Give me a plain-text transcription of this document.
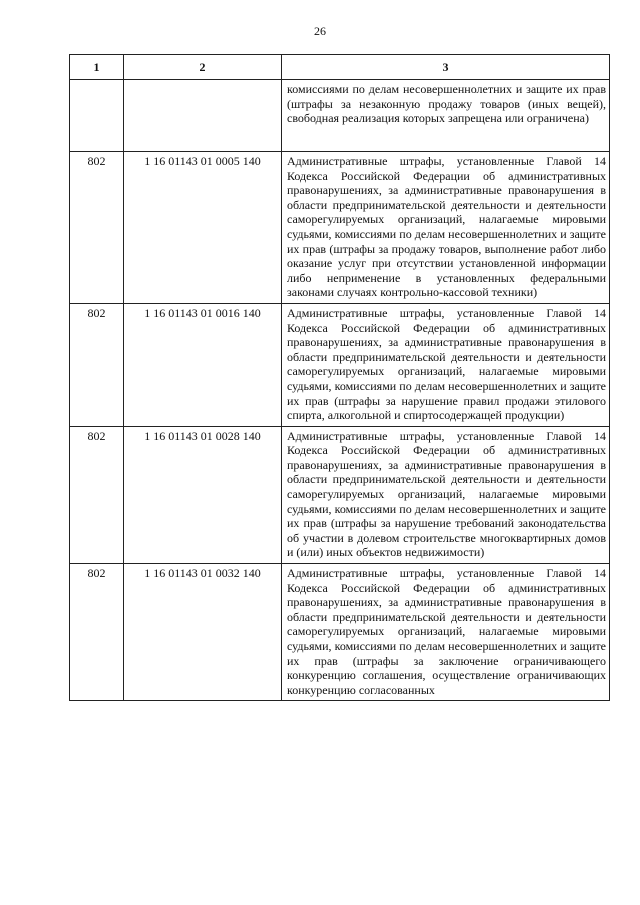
26
1	2	3
		комиссиями по делам несовершеннолетних и защите их прав (штрафы за незаконную продажу товаров (иных вещей), свободная реализация которых запрещена или ограничена)
802	1 16 01143 01 0005 140	Административные штрафы, установленные Главой 14 Кодекса Российской Федерации об административных правонарушениях, за административные правонарушения в области предпринимательской деятельности и деятельности саморегулируемых организаций, налагаемые мировыми судьями, комиссиями по делам несовершеннолетних и защите их прав (штрафы за продажу товаров, выполнение работ либо оказание услуг при отсутствии установленной информации либо неприменение в установленных федеральными законами случаях контрольно-кассовой техники)
802	1 16 01143 01 0016 140	Административные штрафы, установленные Главой 14 Кодекса Российской Федерации об административных правонарушениях, за административные правонарушения в области предпринимательской деятельности и деятельности саморегулируемых организаций, налагаемые мировыми судьями, комиссиями по делам несовершеннолетних и защите их прав (штрафы за нарушение правил продажи этилового спирта, алкогольной и спиртосодержащей продукции)
802	1 16 01143 01 0028 140	Административные штрафы, установленные Главой 14 Кодекса Российской Федерации об административных правонарушениях, за административные правонарушения в области предпринимательской деятельности и деятельности саморегулируемых организаций, налагаемые мировыми судьями, комиссиями по делам несовершеннолетних и защите их прав (штрафы за нарушение требований законодательства об участии в долевом строительстве многоквартирных домов и (или) иных объектов недвижимости)
802	1 16 01143 01 0032 140	Административные штрафы, установленные Главой 14 Кодекса Российской Федерации об административных правонарушениях, за административные правонарушения в области предпринимательской деятельности и деятельности саморегулируемых организаций, налагаемые мировыми судьями, комиссиями по делам несовершеннолетних и защите их прав (штрафы за заключение ограничивающего конкуренцию соглашения, осуществление ограничивающих конкуренцию согласованных
